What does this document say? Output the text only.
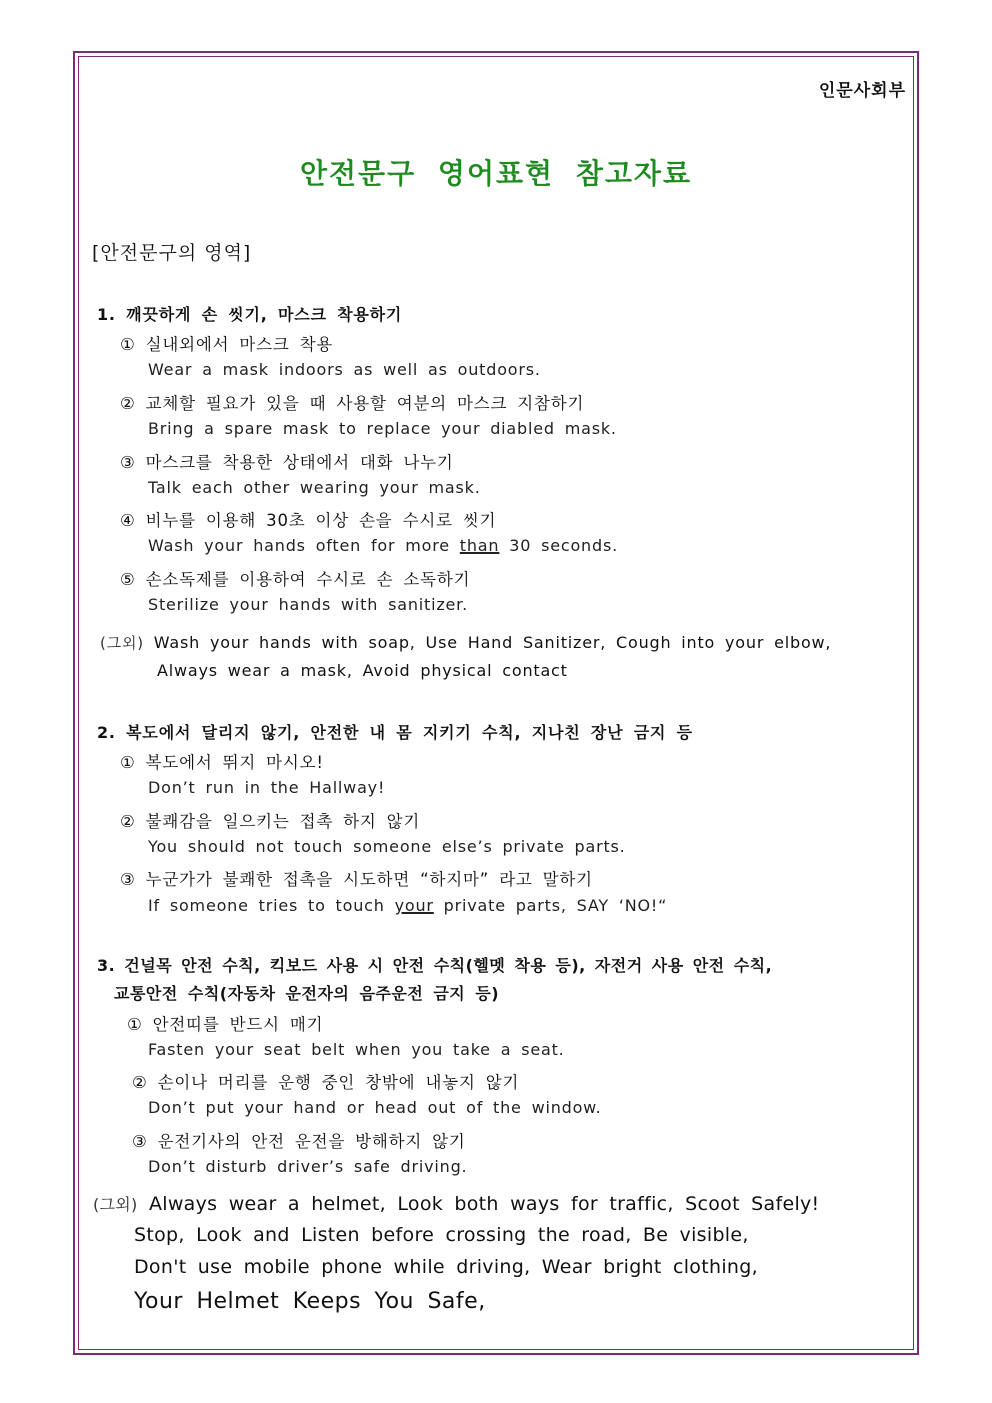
인문사회부
안전문구 영어표현 참고자료
[안전문구의 영역]
1. 깨끗하게 손 씻기, 마스크 착용하기
① 실내외에서 마스크 착용
Wear a mask indoors as well as outdoors.
② 교체할 필요가 있을 때 사용할 여분의 마스크 지참하기
Bring a spare mask to replace your diabled mask.
③ 마스크를 착용한 상태에서 대화 나누기
Talk each other wearing your mask.
④ 비누를 이용해 30초 이상 손을 수시로 씻기
Wash your hands often for more than 30 seconds.
⑤ 손소독제를 이용하여 수시로 손 소독하기
Sterilize your hands with sanitizer.
(그외) Wash your hands with soap, Use Hand Sanitizer, Cough into your elbow,
Always wear a mask, Avoid physical contact
2. 복도에서 달리지 않기, 안전한 내 몸 지키기 수칙, 지나친 장난 금지 등
① 복도에서 뛰지 마시오!
Don’t run in the Hallway!
② 불쾌감을 일으키는 접촉 하지 않기
You should not touch someone else’s private parts.
③ 누군가가 불쾌한 접촉을 시도하면 “하지마” 라고 말하기
If someone tries to touch your private parts, SAY ‘NO!“
3. 건널목 안전 수칙, 킥보드 사용 시 안전 수칙(헬멧 착용 등), 자전거 사용 안전 수칙,
교통안전 수칙(자동차 운전자의 음주운전 금지 등)
① 안전띠를 반드시 매기
Fasten your seat belt when you take a seat.
② 손이나 머리를 운행 중인 창밖에 내놓지 않기
Don’t put your hand or head out of the window.
③ 운전기사의 안전 운전을 방해하지 않기
Don’t disturb driver’s safe driving.
(그외) Always wear a helmet, Look both ways for traffic, Scoot Safely!
Stop, Look and Listen before crossing the road, Be visible,
Don't use mobile phone while driving, Wear bright clothing,
Your Helmet Keeps You Safe,
